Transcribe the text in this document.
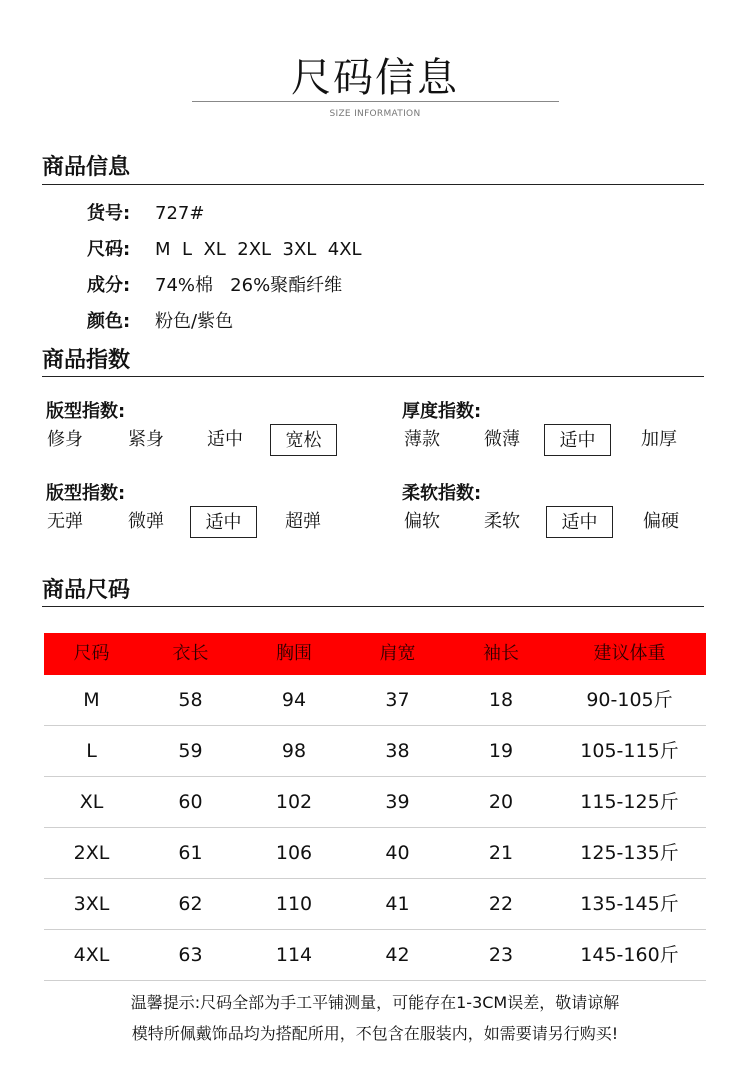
尺码信息
SIZE INFORMATION
商品信息
货号:	727#
尺码:	M  L  XL  2XL  3XL  4XL
成分:	74%棉   26%聚酯纤维
颜色:	粉色/紫色
商品指数
版型指数:
修身	紧身 适中	宽松
厚度指数:
薄款 微薄	适中	加厚
版型指数:
无弹	微弹	适中	超弹
柔软指数:
偏软 柔软	适中	偏硬
商品尺码
尺码	衣长	胸围	肩宽	袖长	建议体重
M	58	94	37	18	90-105斤
L	59	98	38	19	105-115斤
XL	60	102	39	20	115-125斤
2XL	61	106	40	21	125-135斤
3XL	62	110	41	22	135-145斤
4XL	63	114	42	23	145-160斤
温馨提示:尺码全部为手工平铺测量，可能存在1-3CM误差，敬请谅解
模特所佩戴饰品均为搭配所用，不包含在服装内，如需要请另行购买!
